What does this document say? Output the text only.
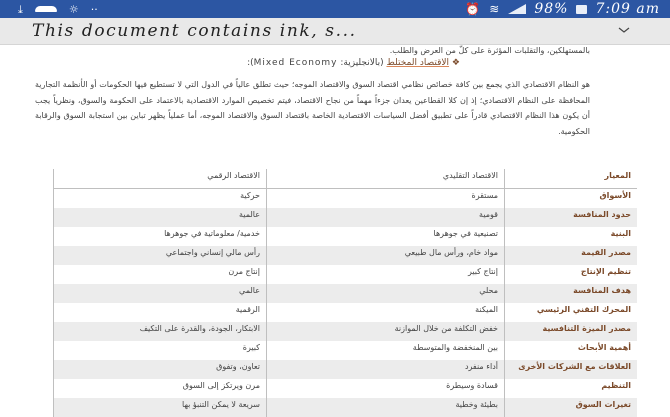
⤓	☼ ··	⏰ ≋ 98% 7:09 am
This document contains ink, s...
بالمستهلكين، والتقلبات المؤثرة على كلّ من العرض والطلب.
❖ الاقتصاد المختلط (بالانجليزية: Mixed Economy):
هو النظام الاقتصادي الذي يجمع بين كافة خصائص نظامي اقتصاد السوق والاقتصاد الموجه؛ حيث تطلق عالياً في الدول التي لا تستطيع فيها الحكومات أو الأنظمة التجارية المحافظة على النظام الاقتصادي؛ إذ إن كلا القطاعين يعدان جزءاً مهماً من نجاح الاقتصاد، فيتم تخصيص الموارد الاقتصادية بالاعتماد على الحكومة والسوق، ونظرياً يجب أن يكون هذا النظام الاقتصادي قادراً على تطبيق أفضل السياسات الاقتصادية الخاصة باقتصاد السوق والاقتصاد الموجه، أما عملياً يظهر تباين بين استجابة السوق والرقابة الحكومية.
المعيار	الاقتصاد التقليدي	الاقتصاد الرقمي
الأسواق	مستقرة	حركية
حدود المنافسة	قومية	عالمية
البنية	تصنيعية في جوهرها	خدمية/ معلوماتية في جوهرها
مصدر القيمة	مواد خام، ورأس مال طبيعي	رأس مالي إنساني واجتماعي
تنظيم الإنتاج	إنتاج كبير	إنتاج مرن
هدف المنافسة	محلي	عالمي
المحرك التقني الرئيسي	الميكنة	الرقمية
مصدر الميزة التنافسية	خفض التكلفة من خلال الموازنة	الابتكار، الجودة، والقدرة على التكيف
أهمية الأبحاث	بين المنخفضة والمتوسطة	كبيرة
العلاقات مع الشركات الأخرى	أداء منفرد	تعاون، وتفوق
التنظيم	قسادة وسيطرة	مرن ويرتكز إلى السوق
تغيرات السوق	بطيئة وخطية	سريعة لا يمكن التنبؤ بها
